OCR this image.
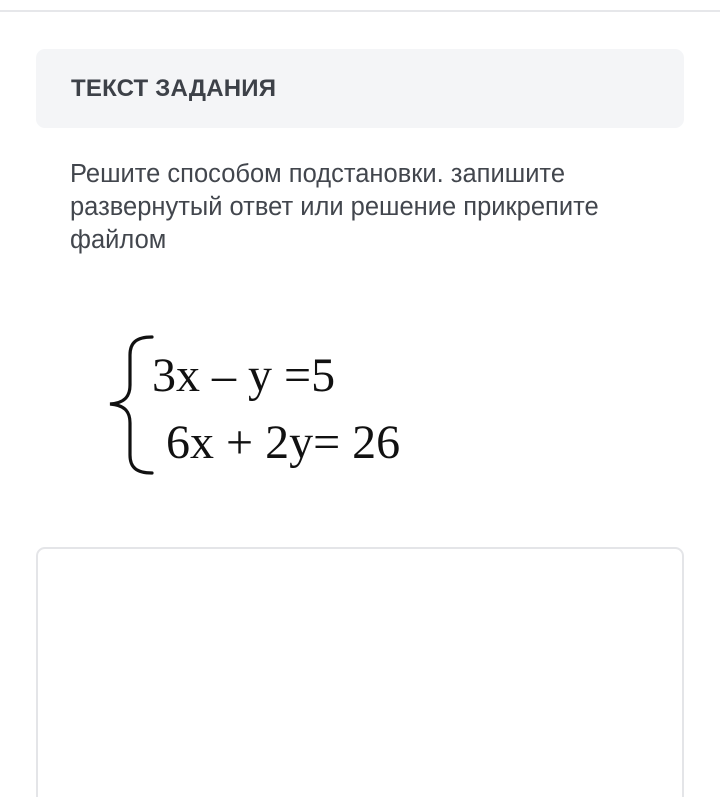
ТЕКСТ ЗАДАНИЯ
Решите способом подстановки. запишите развернутый ответ или решение прикрепите файлом
3x – y =5
6x + 2y= 26
